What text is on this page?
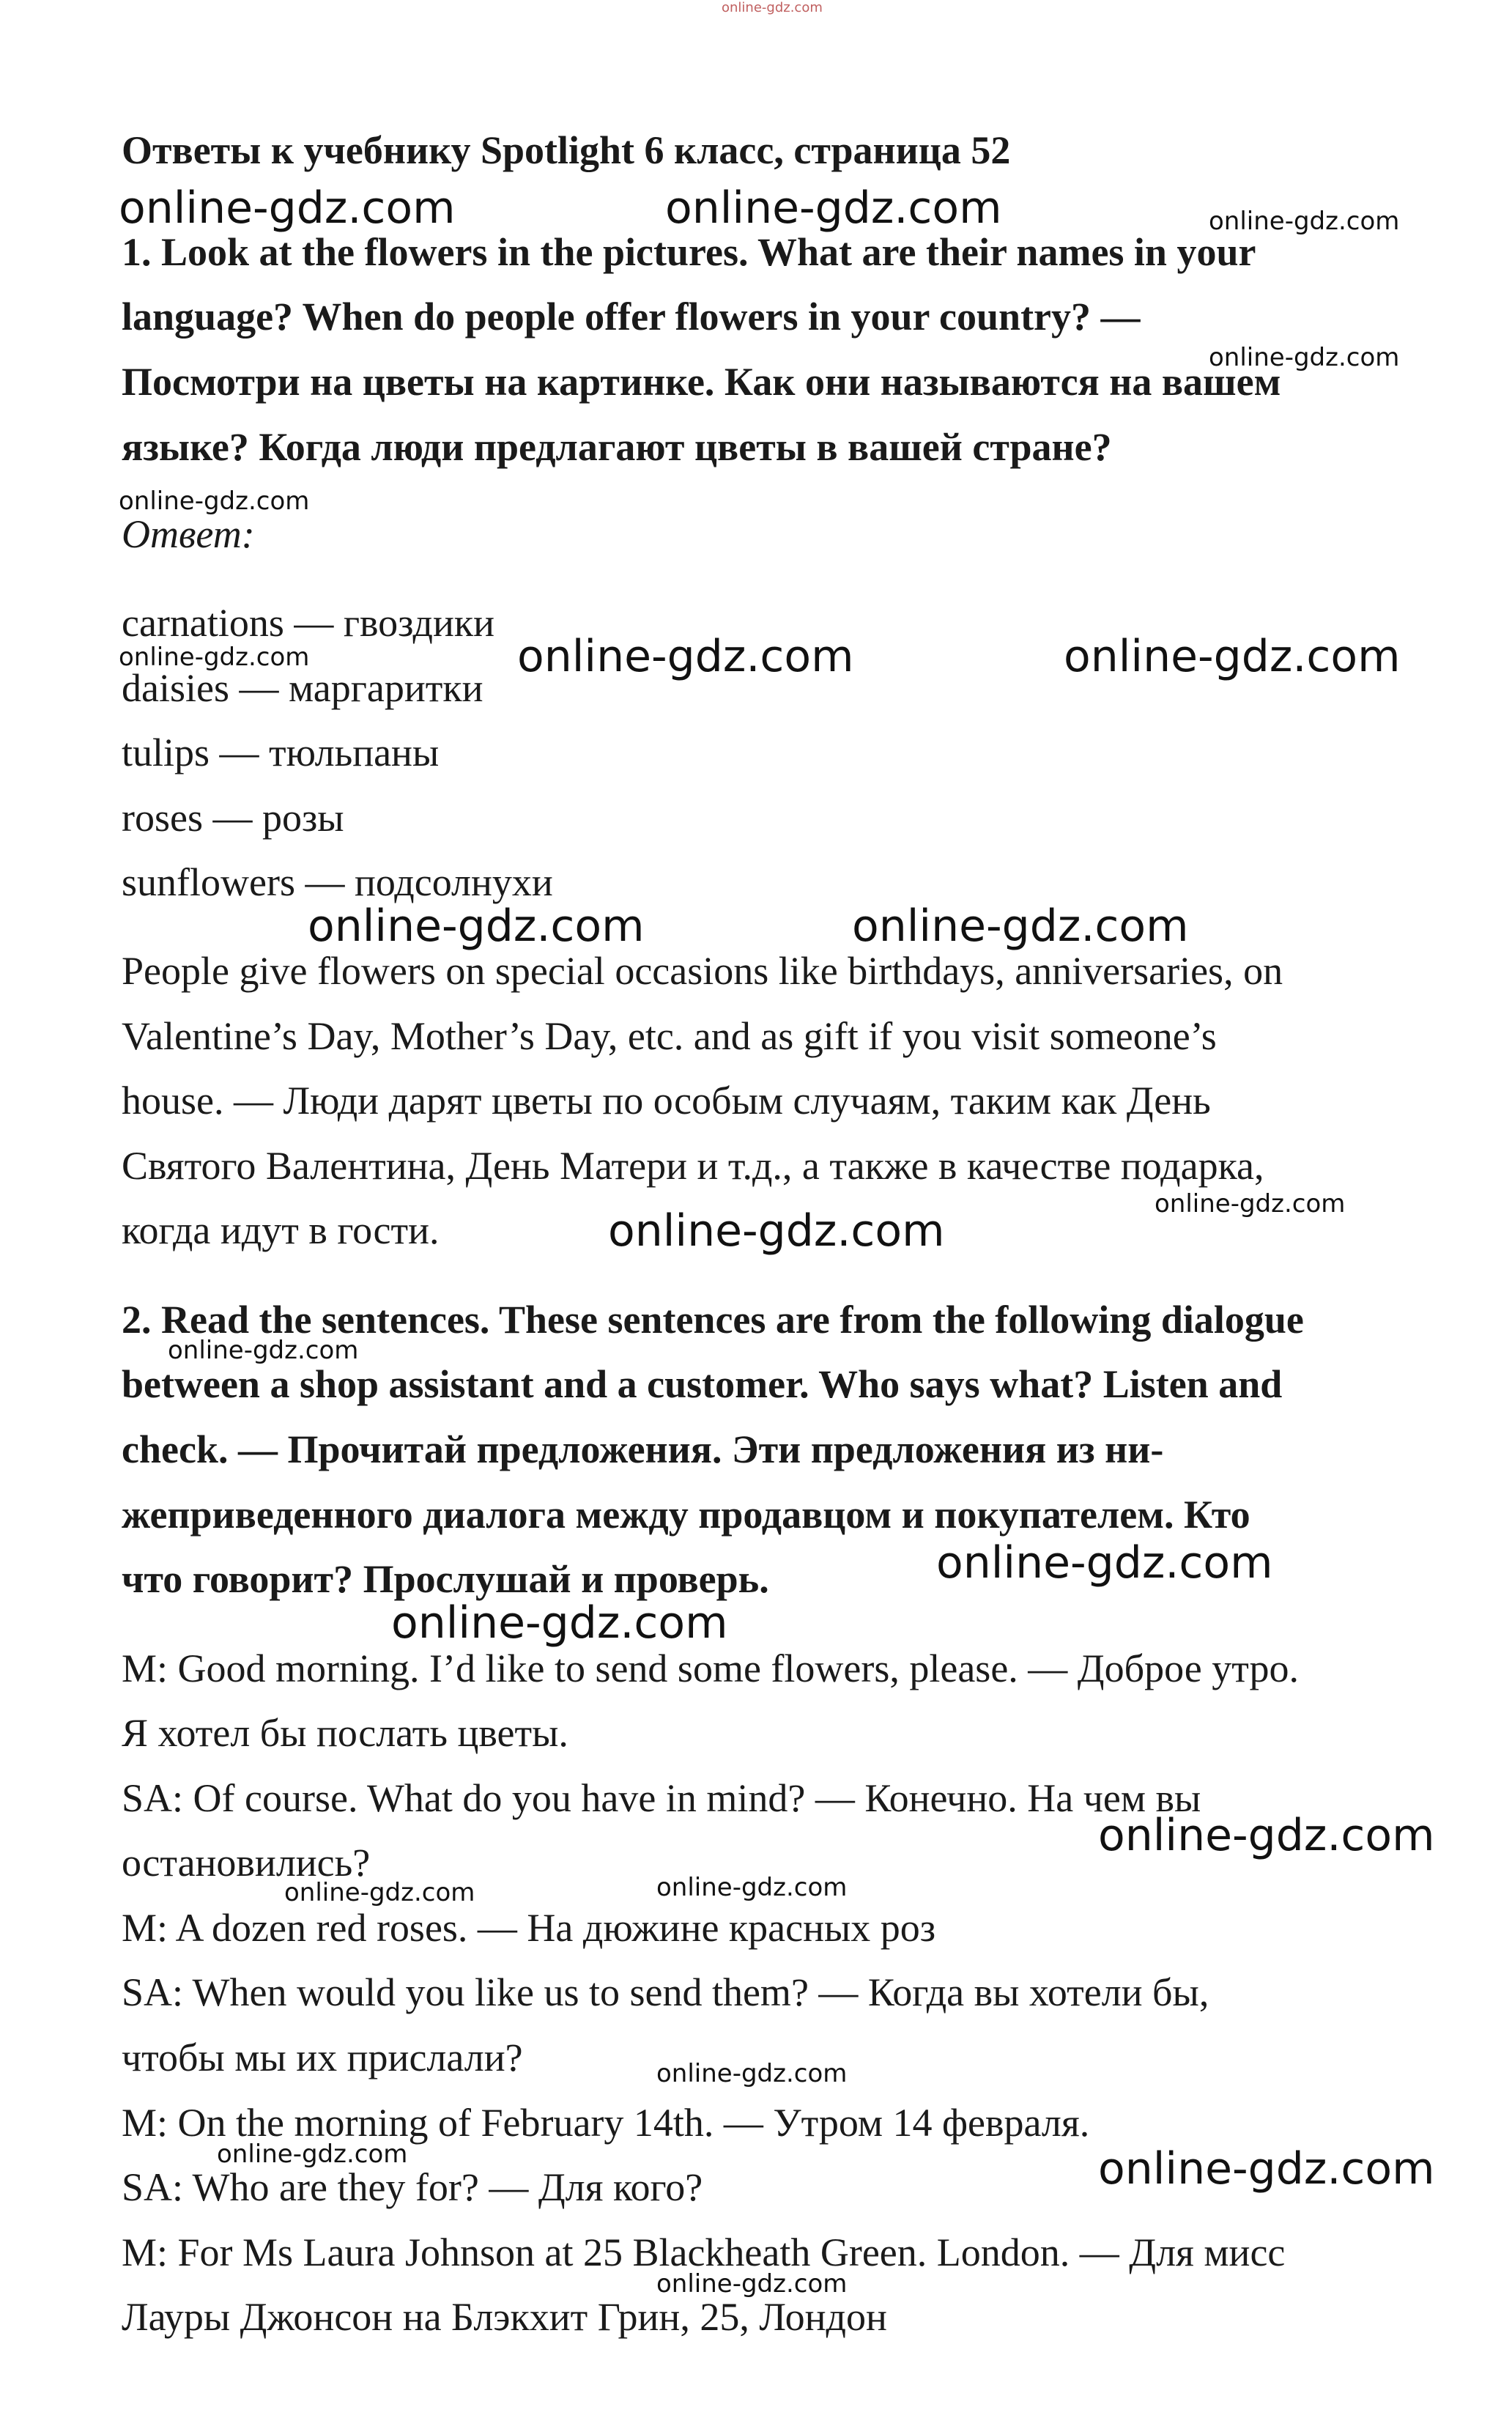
online-gdz.com
Ответы к учебнику Spotlight 6 класс, страница 52
1. Look at the flowers in the pictures. What are their names in your
language? When do people offer flowers in your country? —
Посмотри на цветы на картинке. Как они называются на вашем
языке? Когда люди предлагают цветы в вашей стране?
Ответ:
carnations — гвоздики
daisies — маргаритки
tulips — тюльпаны
roses — розы
sunflowers — подсолнухи
People give flowers on special occasions like birthdays, anniversaries, on
Valentine’s Day, Mother’s Day, etc. and as gift if you visit someone’s
house. — Люди дарят цветы по особым случаям, таким как День
Святого Валентина, День Матери и т.д., а также в качестве подарка,
когда идут в гости.
2. Read the sentences. These sentences are from the following dialogue
between a shop assistant and a customer. Who says what? Listen and
check. — Прочитай предложения. Эти предложения из ни-
жеприведенного диалога между продавцом и покупателем. Кто
что говорит? Прослушай и проверь.
M: Good morning. I’d like to send some flowers, please. — Доброе утро.
Я хотел бы послать цветы.
SA: Of course. What do you have in mind? — Конечно. На чем вы
остановились?
M: A dozen red roses. — На дюжине красных роз
SA: When would you like us to send them? — Когда вы хотели бы,
чтобы мы их прислали?
M: On the morning of February 14th. — Утром 14 февраля.
SA: Who are they for? — Для кого?
M: For Ms Laura Johnson at 25 Blackheath Green. London. — Для мисс
Лауры Джонсон на Блэкхит Грин, 25, Лондон
online-gdz.com	online-gdz.com	online-gdz.com
online-gdz.com
online-gdz.com
online-gdz.com	online-gdz.com	online-gdz.com
online-gdz.com	online-gdz.com
online-gdz.com
online-gdz.com
online-gdz.com
online-gdz.com
online-gdz.com
online-gdz.com
online-gdz.com	online-gdz.com
online-gdz.com
online-gdz.com	online-gdz.com
online-gdz.com
